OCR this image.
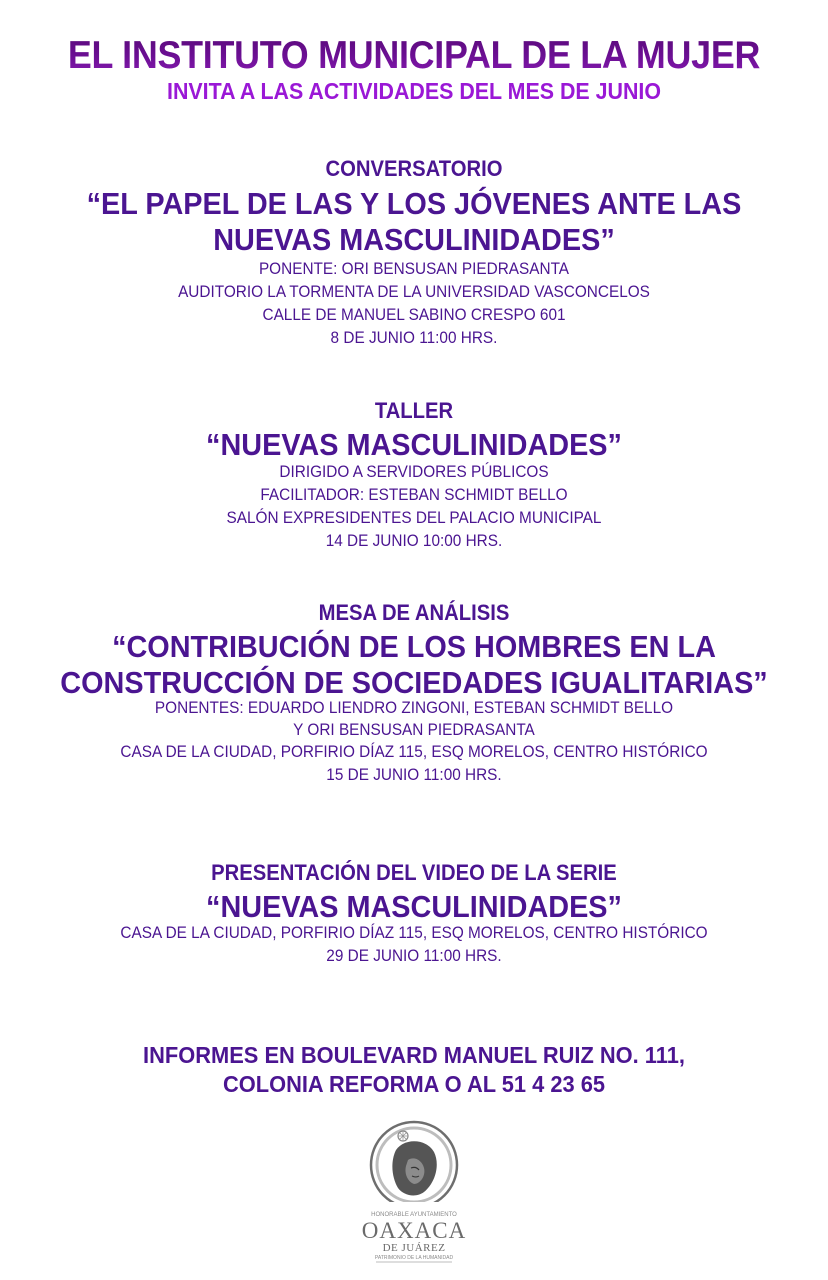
EL INSTITUTO MUNICIPAL DE LA MUJER
INVITA A LAS ACTIVIDADES DEL MES DE JUNIO
CONVERSATORIO
“EL PAPEL DE LAS Y LOS JÓVENES ANTE LAS
NUEVAS MASCULINIDADES”
PONENTE: ORI BENSUSAN PIEDRASANTA
AUDITORIO LA TORMENTA DE LA UNIVERSIDAD VASCONCELOS
CALLE DE MANUEL SABINO CRESPO 601
8 DE JUNIO 11:00 HRS.
TALLER
“NUEVAS MASCULINIDADES”
DIRIGIDO A SERVIDORES PÚBLICOS
FACILITADOR: ESTEBAN SCHMIDT BELLO
SALÓN EXPRESIDENTES DEL PALACIO MUNICIPAL
14 DE JUNIO 10:00 HRS.
MESA DE ANÁLISIS
“CONTRIBUCIÓN DE LOS HOMBRES EN LA
CONSTRUCCIÓN DE SOCIEDADES IGUALITARIAS”
PONENTES: EDUARDO LIENDRO ZINGONI, ESTEBAN SCHMIDT BELLO
Y ORI BENSUSAN PIEDRASANTA
CASA DE LA CIUDAD, PORFIRIO DÍAZ 115, ESQ MORELOS, CENTRO HISTÓRICO
15 DE JUNIO 11:00 HRS.
PRESENTACIÓN DEL VIDEO DE LA SERIE
“NUEVAS MASCULINIDADES”
CASA DE LA CIUDAD, PORFIRIO DÍAZ 115, ESQ MORELOS, CENTRO HISTÓRICO
29 DE JUNIO 11:00 HRS.
INFORMES EN BOULEVARD MANUEL RUIZ NO. 111,
COLONIA REFORMA O AL 51 4 23 65
HONORABLE AYUNTAMIENTO
OAXACA
DE JUÁREZ
PATRIMONIO DE LA HUMANIDAD
